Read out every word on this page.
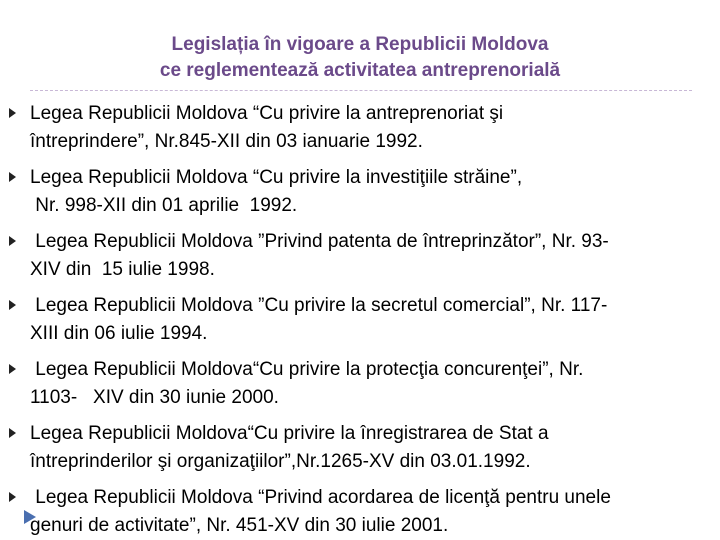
Legislația în vigoare a Republicii Moldova
ce reglementează activitatea antreprenorială
Legea Republicii Moldova “Cu privire la antreprenoriat şi
întreprindere”, Nr.845-XII din 03 ianuarie 1992.
Legea Republicii Moldova “Cu privire la investiţiile străine”,
Nr. 998-XII din 01 aprilie  1992.
Legea Republicii Moldova ”Privind patenta de întreprinzător”, Nr. 93-
XIV din  15 iulie 1998.
Legea Republicii Moldova ”Cu privire la secretul comercial”, Nr. 117-
XIII din 06 iulie 1994.
Legea Republicii Moldova“Cu privire la protecţia concurenţei”, Nr.
1103-   XIV din 30 iunie 2000.
Legea Republicii Moldova“Cu privire la înregistrarea de Stat a
întreprinderilor şi organizaţiilor”,Nr.1265-XV din 03.01.1992.
Legea Republicii Moldova “Privind acordarea de licenţă pentru unele
genuri de activitate”, Nr. 451-XV din 30 iulie 2001.
